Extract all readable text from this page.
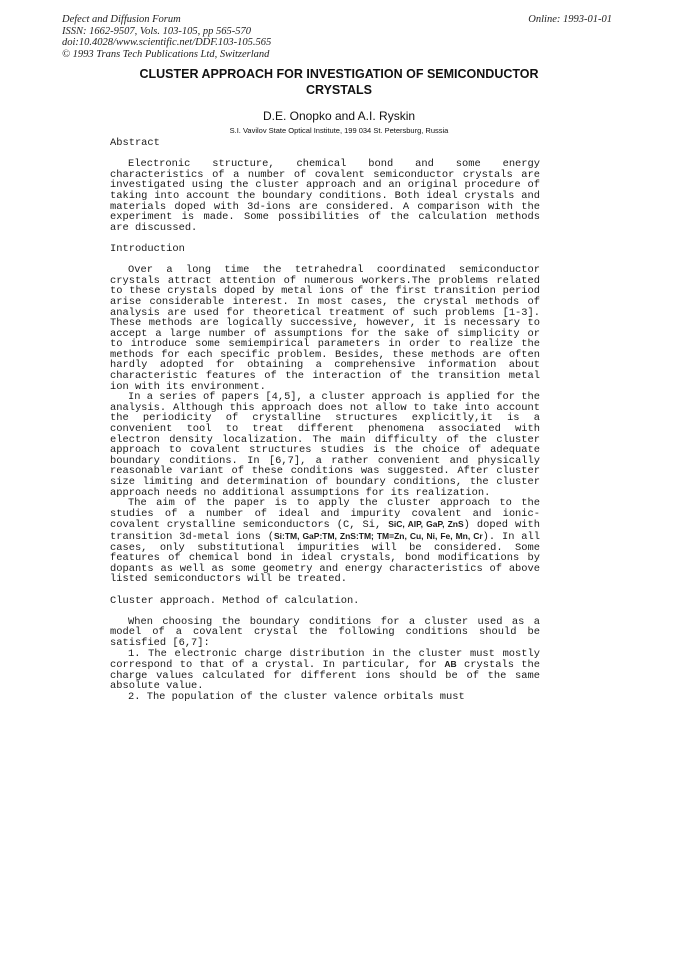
Defect and Diffusion Forum
ISSN: 1662-9507, Vols. 103-105, pp 565-570
doi:10.4028/www.scientific.net/DDF.103-105.565
© 1993 Trans Tech Publications Ltd, Switzerland
Online: 1993-01-01
CLUSTER APPROACH FOR INVESTIGATION OF SEMICONDUCTOR
CRYSTALS
D.E. Onopko and A.I. Ryskin
S.I. Vavilov State Optical Institute, 199 034 St. Petersburg, Russia
Abstract

Electronic structure, chemical bond and some energy characteristics of a number of covalent semiconductor crystals are investigated using the cluster approach and an original procedure of taking into account the boundary conditions. Both ideal crystals and materials doped with 3d-ions are considered. A comparison with the experiment is made. Some possibilities of the calculation methods are discussed.

Introduction

Over a long time the tetrahedral coordinated semiconductor crystals attract attention of numerous workers.The problems related to these crystals doped by metal ions of the first transition period arise considerable interest. In most cases, the crystal methods of analysis are used for theoretical treatment of such problems [1-3]. These methods are logically successive, however, it is necessary to accept a large number of assumptions for the sake of simplicity or to introduce some semiempirical parameters in order to realize the methods for each specific problem. Besides, these methods are often hardly adopted for obtaining a comprehensive information about characteristic features of the interaction of the transition metal ion with its environment.

In a series of papers [4,5], a cluster approach is applied for the analysis. Although this approach does not allow to take into account the periodicity of crystalline structures explicitly,it is a convenient tool to treat different phenomena associated with electron density localization. The main difficulty of the cluster approach to covalent structures studies is the choice of adequate boundary conditions. In [6,7], a rather convenient and physically reasonable variant of these conditions was suggested. After cluster size limiting and determination of boundary conditions, the cluster approach needs no additional assumptions for its realization.

The aim of the paper is to apply the cluster approach to the studies of a number of ideal and impurity covalent and ionic-covalent crystalline semiconductors (C, Si, SiC, AlP, GaP, ZnS) doped with transition 3d-metal ions (Si:TM, GaP:TM, ZnS:TM; TM=Zn, Cu, Ni, Fe, Mn, Cr). In all cases, only substitutional impurities will be considered. Some features of chemical bond in ideal crystals, bond modifications by dopants as well as some geometry and energy characteristics of above listed semiconductors will be treated.

Cluster approach. Method of calculation.

When choosing the boundary conditions for a cluster used as a model of a covalent crystal the following conditions should be satisfied [6,7]:

1. The electronic charge distribution in the cluster must mostly correspond to that of a crystal. In particular, for AB crystals the charge values calculated for different ions should be of the same absolute value.

2. The population of the cluster valence orbitals must
